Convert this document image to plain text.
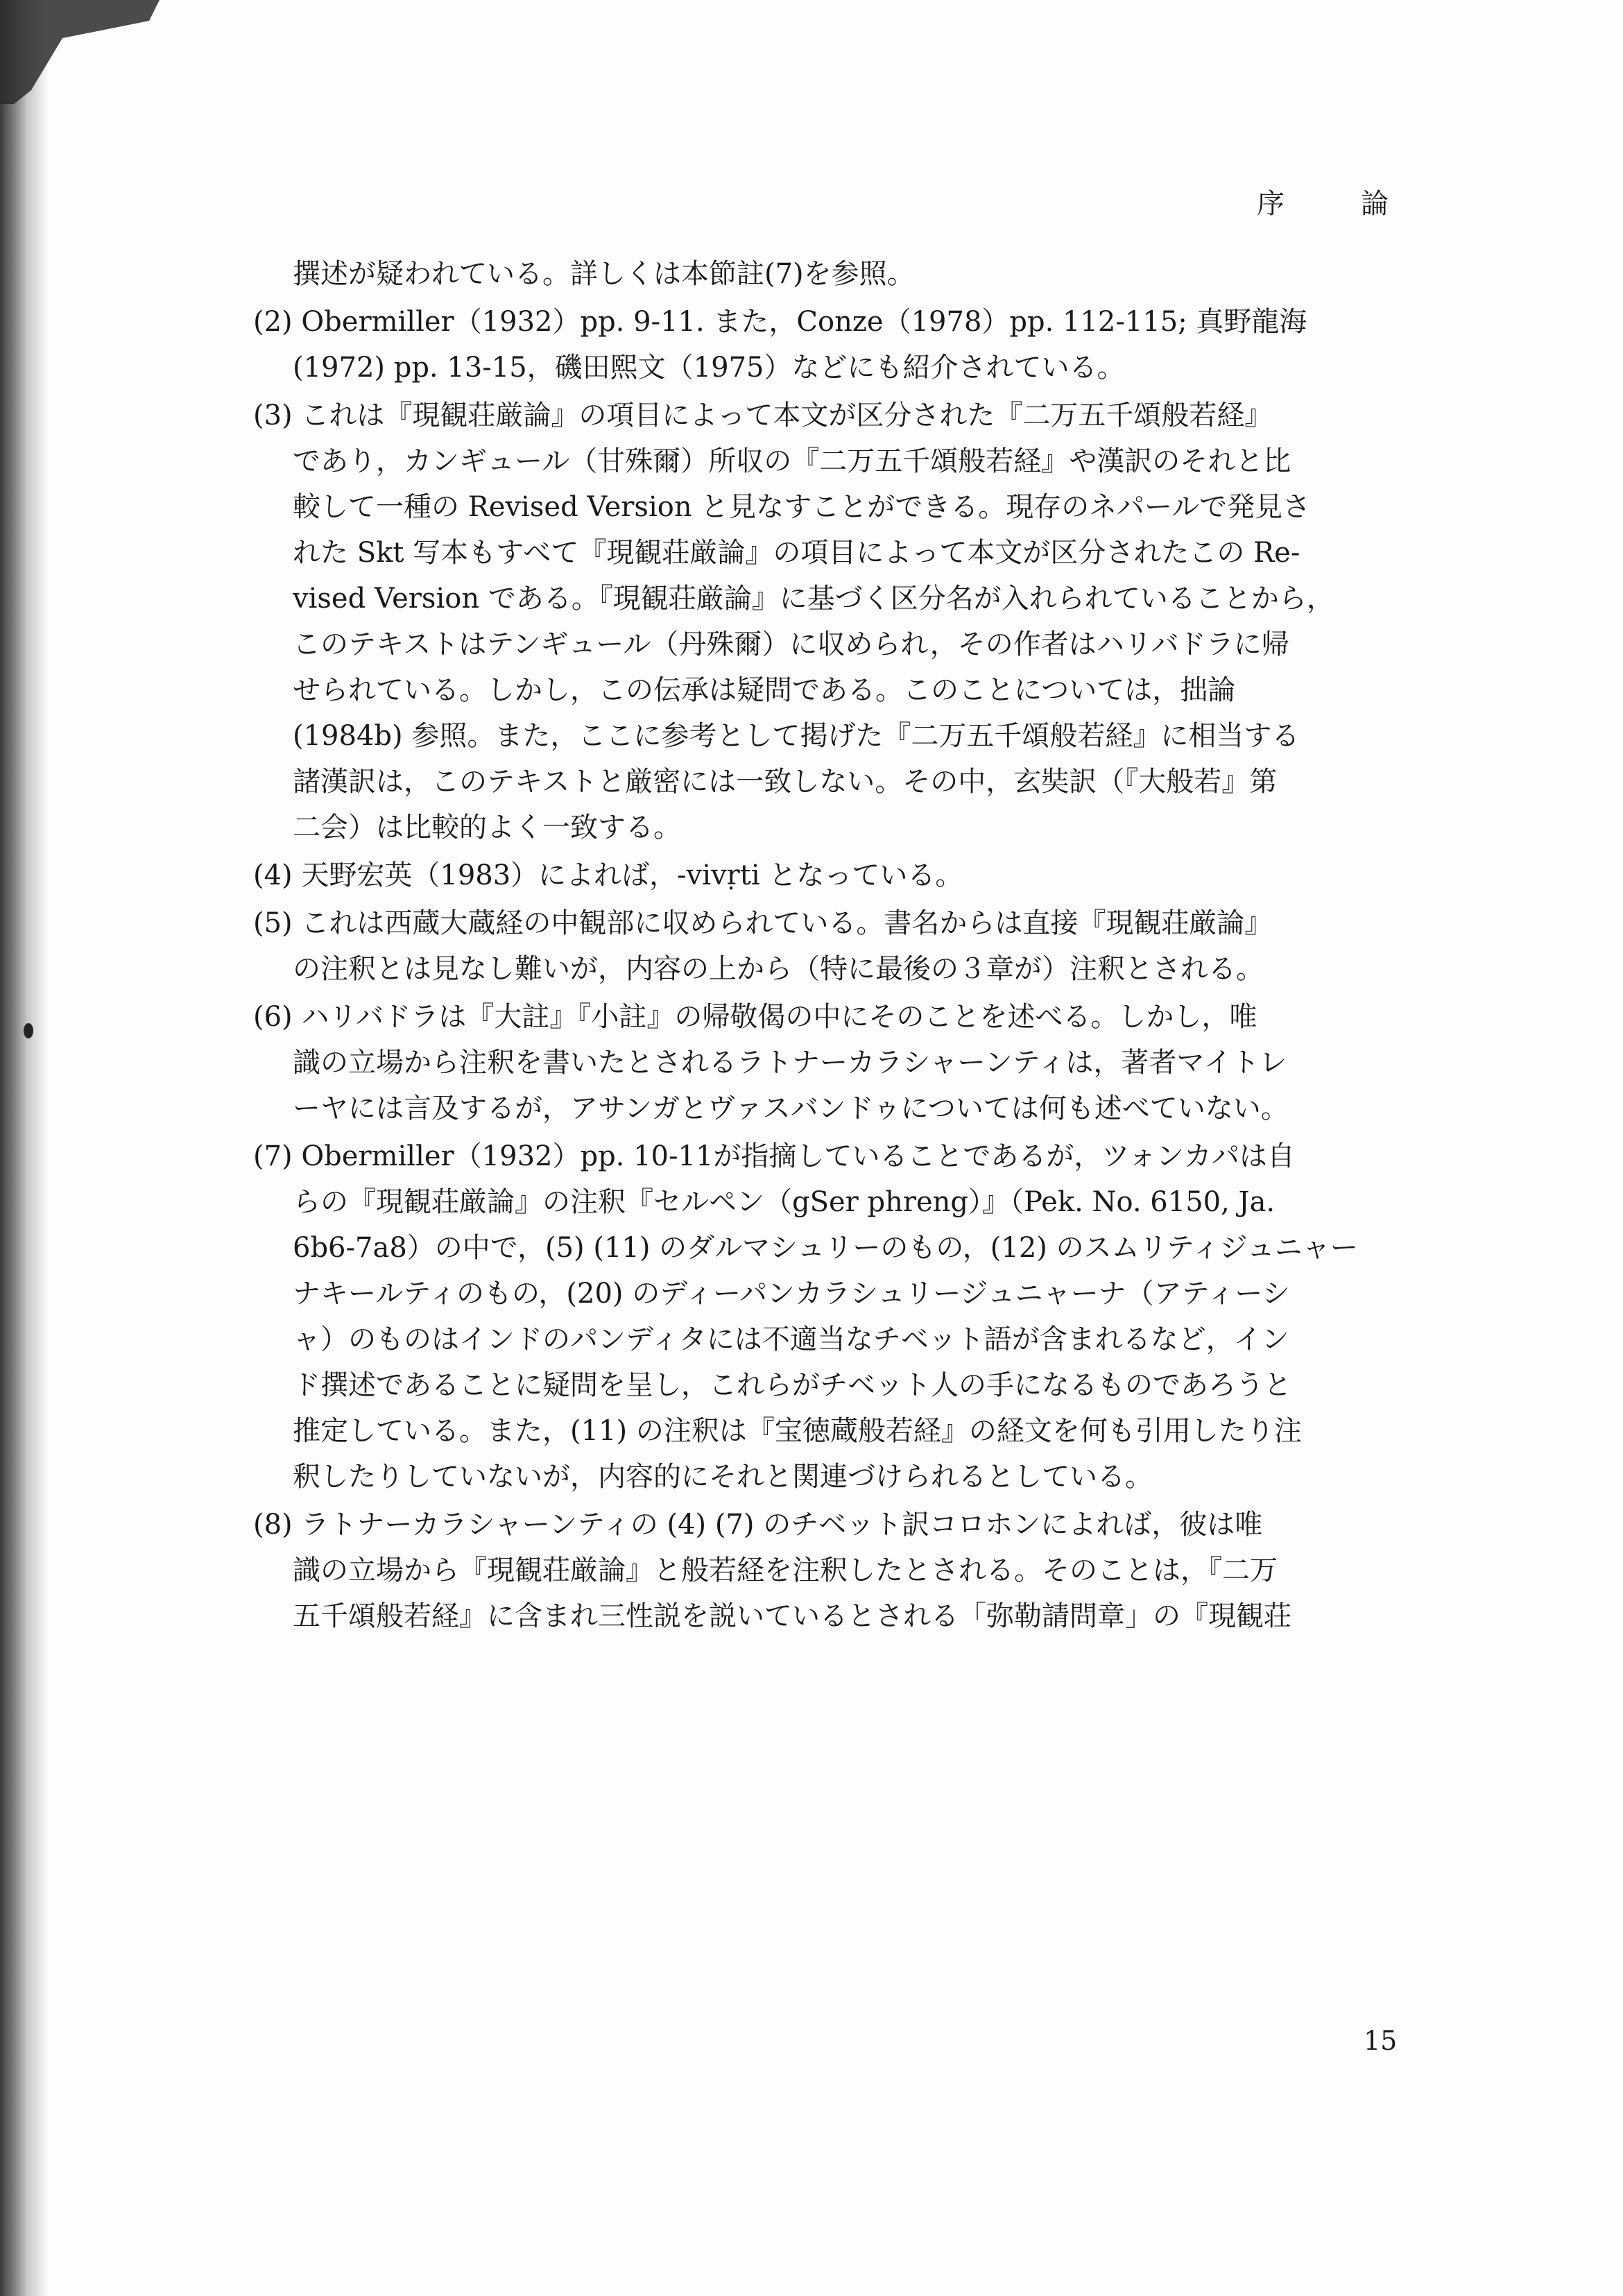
序	論
撰述が疑われている。詳しくは本節註(7)を参照。
(2) Obermiller（1932）pp. 9-11. また，Conze（1978）pp. 112-115; 真野龍海
(1972) pp. 13-15，磯田熙文（1975）などにも紹介されている。
(3) これは『現観荘厳論』の項目によって本文が区分された『二万五千頌般若経』
であり，カンギュール（甘殊爾）所収の『二万五千頌般若経』や漢訳のそれと比
較して一種の Revised Version と見なすことができる。現存のネパールで発見さ
れた Skt 写本もすべて『現観荘厳論』の項目によって本文が区分されたこの Re-
vised Version である。『現観荘厳論』に基づく区分名が入れられていることから，
このテキストはテンギュール（丹殊爾）に収められ，その作者はハリバドラに帰
せられている。しかし，この伝承は疑問である。このことについては，拙論
(1984b) 参照。また，ここに参考として掲げた『二万五千頌般若経』に相当する
諸漢訳は，このテキストと厳密には一致しない。その中，玄奘訳（『大般若』第
二会）は比較的よく一致する。
(4) 天野宏英（1983）によれば，-vivṛti となっている。
(5) これは西蔵大蔵経の中観部に収められている。書名からは直接『現観荘厳論』
の注釈とは見なし難いが，内容の上から（特に最後の３章が）注釈とされる。
(6) ハリバドラは『大註』『小註』の帰敬偈の中にそのことを述べる。しかし，唯
識の立場から注釈を書いたとされるラトナーカラシャーンティは，著者マイトレ
ーヤには言及するが，アサンガとヴァスバンドゥについては何も述べていない。
(7) Obermiller（1932）pp. 10-11が指摘していることであるが，ツォンカパは自
らの『現観荘厳論』の注釈『セルペン（gSer phreng）』（Pek. No. 6150, Ja.
6b6-7a8）の中で，(5) (11) のダルマシュリーのもの，(12) のスムリティジュニャー
ナキールティのもの，(20) のディーパンカラシュリージュニャーナ（アティーシ
ャ）のものはインドのパンディタには不適当なチベット語が含まれるなど，イン
ド撰述であることに疑問を呈し，これらがチベット人の手になるものであろうと
推定している。また，(11) の注釈は『宝徳蔵般若経』の経文を何も引用したり注
釈したりしていないが，内容的にそれと関連づけられるとしている。
(8) ラトナーカラシャーンティの (4) (7) のチベット訳コロホンによれば，彼は唯
識の立場から『現観荘厳論』と般若経を注釈したとされる。そのことは，『二万
五千頌般若経』に含まれ三性説を説いているとされる「弥勒請問章」の『現観荘
15
